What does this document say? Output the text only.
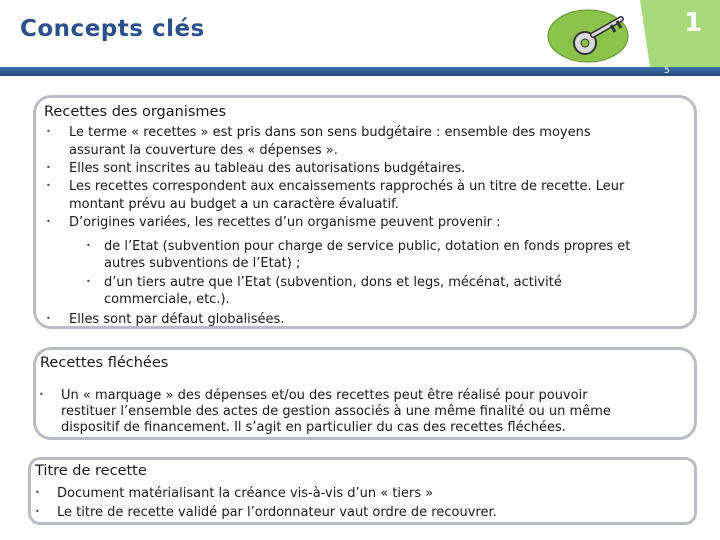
Concepts clés	1
5
Recettes des organismes
• Le terme « recettes » est pris dans son sens budgétaire : ensemble des moyens
assurant la couverture des « dépenses ».
• Elles sont inscrites au tableau des autorisations budgétaires.
• Les recettes correspondent aux encaissements rapprochés à un titre de recette. Leur
montant prévu au budget a un caractère évaluatif.
• D’origines variées, les recettes d’un organisme peuvent provenir :
• de l’Etat (subvention pour charge de service public, dotation en fonds propres et
autres subventions de l’Etat) ;
• d’un tiers autre que l’Etat (subvention, dons et legs, mécénat, activité
commerciale, etc.).
• Elles sont par défaut globalisées.
Recettes fléchées
• Un « marquage » des dépenses et/ou des recettes peut être réalisé pour pouvoir
restituer l’ensemble des actes de gestion associés à une même finalité ou un même
dispositif de financement. Il s’agit en particulier du cas des recettes fléchées.
Titre de recette
• Document matérialisant la créance vis-à-vis d’un « tiers »
• Le titre de recette validé par l’ordonnateur vaut ordre de recouvrer.
